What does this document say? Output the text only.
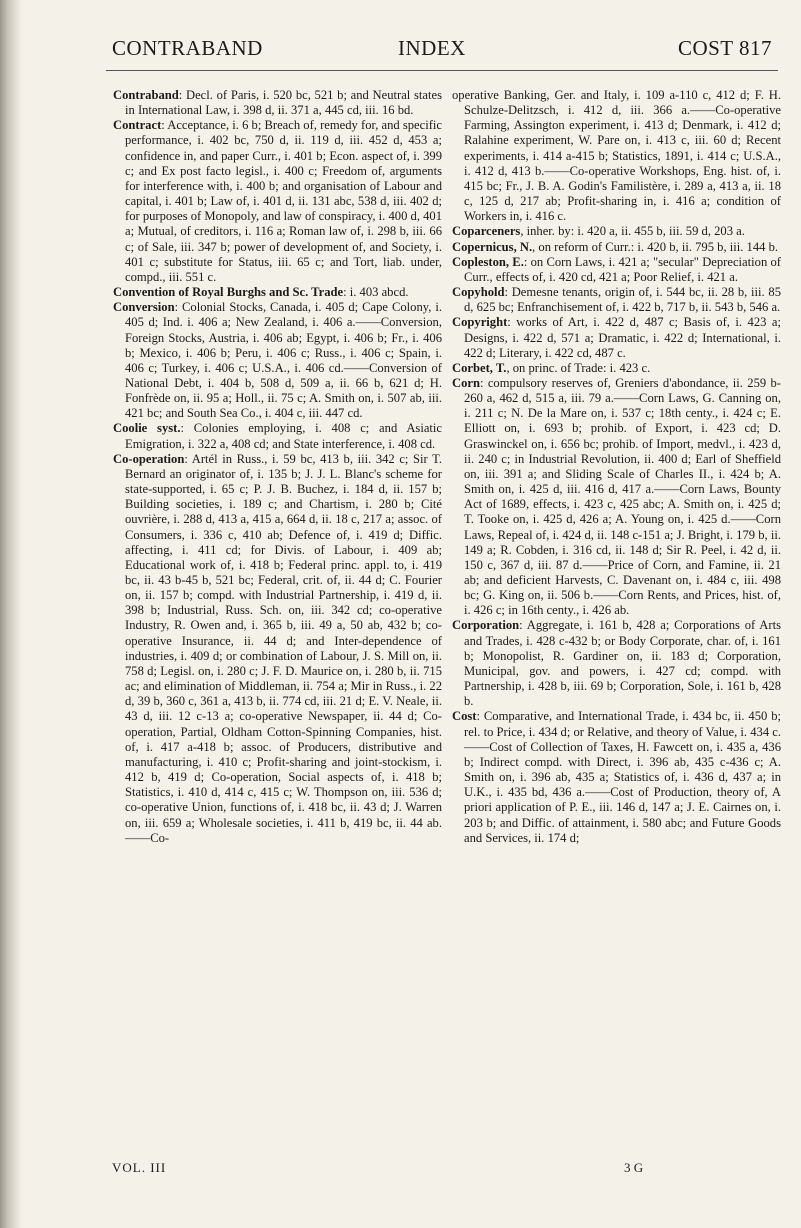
CONTRABAND	INDEX	COST 817

Contraband: Decl. of Paris, i. 520 bc, 521 b; and Neutral states in International Law, i. 398 d, ii. 371 a, 445 cd, iii. 16 bd.

Contract: Acceptance, i. 6 b; Breach of, remedy for, and specific performance, i. 402 bc, 750 d, ii. 119 d, iii. 452 d, 453 a; confidence in, and paper Curr., i. 401 b; Econ. aspect of, i. 399 c; and Ex post facto legisl., i. 400 c; Freedom of, arguments for interference with, i. 400 b; and organisation of Labour and capital, i. 401 b; Law of, i. 401 d, ii. 131 abc, 538 d, iii. 402 d; for purposes of Monopoly, and law of conspiracy, i. 400 d, 401 a; Mutual, of creditors, i. 116 a; Roman law of, i. 298 b, iii. 66 c; of Sale, iii. 347 b; power of development of, and Society, i. 401 c; substitute for Status, iii. 65 c; and Tort, liab. under, compd., iii. 551 c.

Convention of Royal Burghs and Sc. Trade: i. 403 abcd.

Conversion: Colonial Stocks, Canada, i. 405 d; Cape Colony, i. 405 d; Ind. i. 406 a; New Zealand, i. 406 a.——Conversion, Foreign Stocks, Austria, i. 406 ab; Egypt, i. 406 b; Fr., i. 406 b; Mexico, i. 406 b; Peru, i. 406 c; Russ., i. 406 c; Spain, i. 406 c; Turkey, i. 406 c; U.S.A., i. 406 cd.——Conversion of National Debt, i. 404 b, 508 d, 509 a, ii. 66 b, 621 d; H. Fonfrède on, ii. 95 a; Holl., ii. 75 c; A. Smith on, i. 507 ab, iii. 421 bc; and South Sea Co., i. 404 c, iii. 447 cd.

Coolie syst.: Colonies employing, i. 408 c; and Asiatic Emigration, i. 322 a, 408 cd; and State interference, i. 408 cd.

Co-operation: Artél in Russ., i. 59 bc, 413 b, iii. 342 c; Sir T. Bernard an originator of, i. 135 b; J. J. L. Blanc's scheme for state-supported, i. 65 c; P. J. B. Buchez, i. 184 d, ii. 157 b; Building societies, i. 189 c; and Chartism, i. 280 b; Cité ouvrière, i. 288 d, 413 a, 415 a, 664 d, ii. 18 c, 217 a; assoc. of Consumers, i. 336 c, 410 ab; Defence of, i. 419 d; Diffic. affecting, i. 411 cd; for Divis. of Labour, i. 409 ab; Educational work of, i. 418 b; Federal princ. appl. to, i. 419 bc, ii. 43 b-45 b, 521 bc; Federal, crit. of, ii. 44 d; C. Fourier on, ii. 157 b; compd. with Industrial Partnership, i. 419 d, ii. 398 b; Industrial, Russ. Sch. on, iii. 342 cd; co-operative Industry, R. Owen and, i. 365 b, iii. 49 a, 50 ab, 432 b; co-operative Insurance, ii. 44 d; and Inter-dependence of industries, i. 409 d; or combination of Labour, J. S. Mill on, ii. 758 d; Legisl. on, i. 280 c; J. F. D. Maurice on, i. 280 b, ii. 715 ac; and elimination of Middleman, ii. 754 a; Mir in Russ., i. 22 d, 39 b, 360 c, 361 a, 413 b, ii. 774 cd, iii. 21 d; E. V. Neale, ii. 43 d, iii. 12 c-13 a; co-operative Newspaper, ii. 44 d; Co-operation, Partial, Oldham Cotton-Spinning Companies, hist. of, i. 417 a-418 b; assoc. of Producers, distributive and manufacturing, i. 410 c; Profit-sharing and joint-stockism, i. 412 b, 419 d; Co-operation, Social aspects of, i. 418 b; Statistics, i. 410 d, 414 c, 415 c; W. Thompson on, iii. 536 d; co-operative Union, functions of, i. 418 bc, ii. 43 d; J. Warren on, iii. 659 a; Wholesale societies, i. 411 b, 419 bc, ii. 44 ab.——Co-

operative Banking, Ger. and Italy, i. 109 a-110 c, 412 d; F. H. Schulze-Delitzsch, i. 412 d, iii. 366 a.——Co-operative Farming, Assington experiment, i. 413 d; Denmark, i. 412 d; Ralahine experiment, W. Pare on, i. 413 c, iii. 60 d; Recent experiments, i. 414 a-415 b; Statistics, 1891, i. 414 c; U.S.A., i. 412 d, 413 b.——Co-operative Workshops, Eng. hist. of, i. 415 bc; Fr., J. B. A. Godin's Familistère, i. 289 a, 413 a, ii. 18 c, 125 d, 217 ab; Profit-sharing in, i. 416 a; condition of Workers in, i. 416 c.

Coparceners, inher. by: i. 420 a, ii. 455 b, iii. 59 d, 203 a.

Copernicus, N., on reform of Curr.: i. 420 b, ii. 795 b, iii. 144 b.

Copleston, E.: on Corn Laws, i. 421 a; "secular" Depreciation of Curr., effects of, i. 420 cd, 421 a; Poor Relief, i. 421 a.

Copyhold: Demesne tenants, origin of, i. 544 bc, ii. 28 b, iii. 85 d, 625 bc; Enfranchisement of, i. 422 b, 717 b, ii. 543 b, 546 a.

Copyright: works of Art, i. 422 d, 487 c; Basis of, i. 423 a; Designs, i. 422 d, 571 a; Dramatic, i. 422 d; International, i. 422 d; Literary, i. 422 cd, 487 c.

Corbet, T., on princ. of Trade: i. 423 c.

Corn: compulsory reserves of, Greniers d'abondance, ii. 259 b-260 a, 462 d, 515 a, iii. 79 a.——Corn Laws, G. Canning on, i. 211 c; N. De la Mare on, i. 537 c; 18th centy., i. 424 c; E. Elliott on, i. 693 b; prohib. of Export, i. 423 cd; D. Graswinckel on, i. 656 bc; prohib. of Import, medvl., i. 423 d, ii. 240 c; in Industrial Revolution, ii. 400 d; Earl of Sheffield on, iii. 391 a; and Sliding Scale of Charles II., i. 424 b; A. Smith on, i. 425 d, iii. 416 d, 417 a.——Corn Laws, Bounty Act of 1689, effects, i. 423 c, 425 abc; A. Smith on, i. 425 d; T. Tooke on, i. 425 d, 426 a; A. Young on, i. 425 d.——Corn Laws, Repeal of, i. 424 d, ii. 148 c-151 a; J. Bright, i. 179 b, ii. 149 a; R. Cobden, i. 316 cd, ii. 148 d; Sir R. Peel, i. 42 d, ii. 150 c, 367 d, iii. 87 d.——Price of Corn, and Famine, ii. 21 ab; and deficient Harvests, C. Davenant on, i. 484 c, iii. 498 bc; G. King on, ii. 506 b.——Corn Rents, and Prices, hist. of, i. 426 c; in 16th centy., i. 426 ab.

Corporation: Aggregate, i. 161 b, 428 a; Corporations of Arts and Trades, i. 428 c-432 b; or Body Corporate, char. of, i. 161 b; Monopolist, R. Gardiner on, ii. 183 d; Corporation, Municipal, gov. and powers, i. 427 cd; compd. with Partnership, i. 428 b, iii. 69 b; Corporation, Sole, i. 161 b, 428 b.

Cost: Comparative, and International Trade, i. 434 bc, ii. 450 b; rel. to Price, i. 434 d; or Relative, and theory of Value, i. 434 c.——Cost of Collection of Taxes, H. Fawcett on, i. 435 a, 436 b; Indirect compd. with Direct, i. 396 ab, 435 c-436 c; A. Smith on, i. 396 ab, 435 a; Statistics of, i. 436 d, 437 a; in U.K., i. 435 bd, 436 a.——Cost of Production, theory of, A priori application of P. E., iii. 146 d, 147 a; J. E. Cairnes on, i. 203 b; and Diffic. of attainment, i. 580 abc; and Future Goods and Services, ii. 174 d;

VOL. III	3 G
